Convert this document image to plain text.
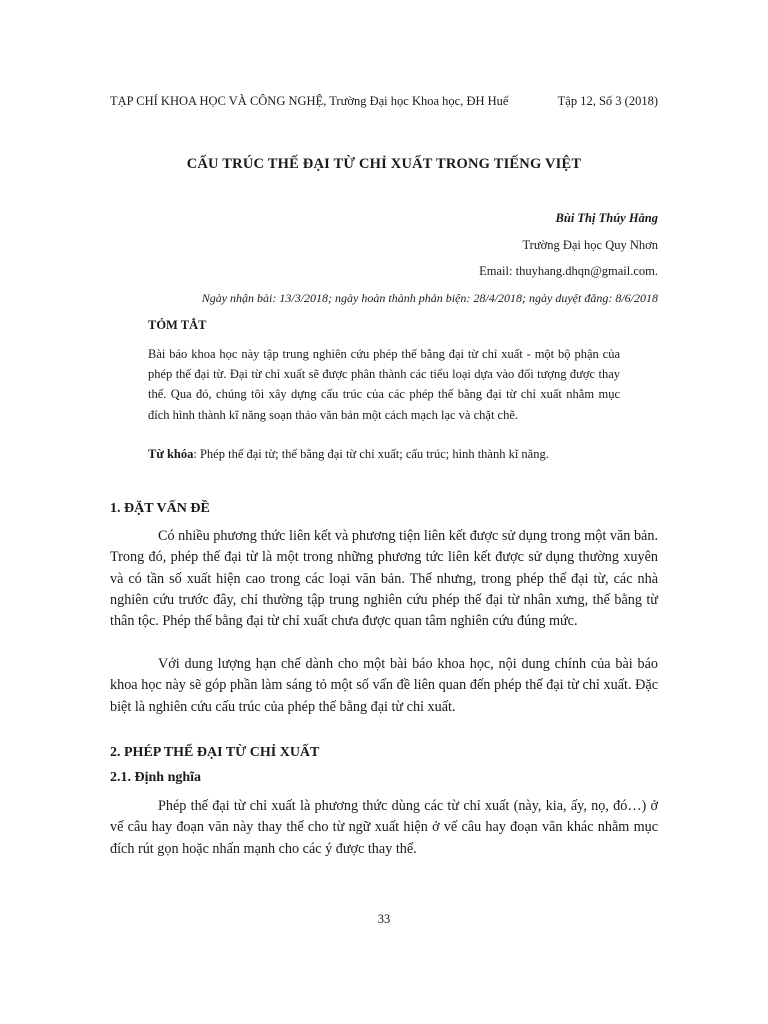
TẠP CHÍ KHOA HỌC VÀ CÔNG NGHỆ, Trường Đại học Khoa học, ĐH Huế	Tập 12, Số 3 (2018)
CẤU TRÚC THẾ ĐẠI TỪ CHỈ XUẤT TRONG TIẾNG VIỆT
Bùi Thị Thúy Hằng
Trường Đại học Quy Nhơn
Email: thuyhang.dhqn@gmail.com.
Ngày nhận bài: 13/3/2018; ngày hoàn thành phản biện: 28/4/2018; ngày duyệt đăng: 8/6/2018
TÓM TẮT
Bài báo khoa học này tập trung nghiên cứu phép thế bằng đại từ chỉ xuất - một bộ phận của phép thế đại từ. Đại từ chỉ xuất sẽ được phân thành các tiểu loại dựa vào đối tượng được thay thế. Qua đó, chúng tôi xây dựng cấu trúc của các phép thế bằng đại từ chỉ xuất nhằm mục đích hình thành kĩ năng soạn thảo văn bản một cách mạch lạc và chặt chẽ.
Từ khóa: Phép thế đại từ; thế bằng đại từ chỉ xuất; cấu trúc; hình thành kĩ năng.
1. ĐẶT VẤN ĐỀ

Có nhiều phương thức liên kết và phương tiện liên kết được sử dụng trong một văn bản. Trong đó, phép thế đại từ là một trong những phương tức liên kết được sử dụng thường xuyên và có tần số xuất hiện cao trong các loại văn bản. Thế nhưng, trong phép thế đại từ, các nhà nghiên cứu trước đây, chỉ thường tập trung nghiên cứu phép thế đại từ nhân xưng, thế bằng từ thân tộc. Phép thế bằng đại từ chỉ xuất chưa được quan tâm nghiên cứu đúng mức.

Với dung lượng hạn chế dành cho một bài báo khoa học, nội dung chính của bài báo khoa học này sẽ góp phần làm sáng tỏ một số vấn đề liên quan đến phép thế đại từ chỉ xuất. Đặc biệt là nghiên cứu cấu trúc của phép thế bằng đại từ chỉ xuất.

2. PHÉP THẾ ĐẠI TỪ CHỈ XUẤT
2.1. Định nghĩa

Phép thế đại từ chỉ xuất là phương thức dùng các từ chỉ xuất (này, kia, ấy, nọ, đó…) ở vế câu hay đoạn văn này thay thế cho từ ngữ xuất hiện ở vế câu hay đoạn văn khác nhằm mục đích rút gọn hoặc nhấn mạnh cho các ý được thay thế.

33
